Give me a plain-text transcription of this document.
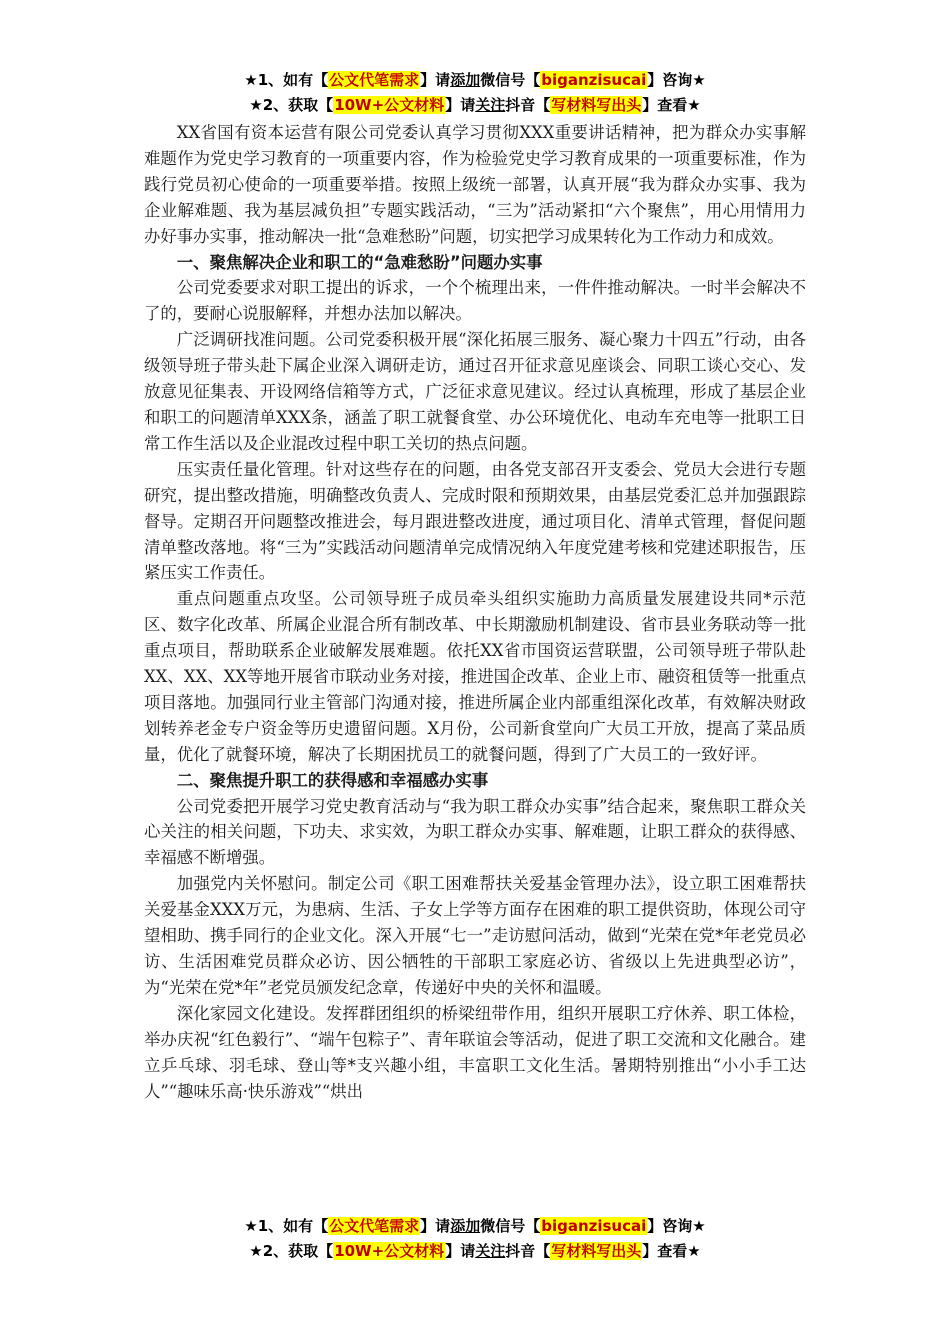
★1、如有【公文代笔需求】请添加微信号【biganzisucai】咨询★
★2、获取【10W+公文材料】请关注抖音【写材料写出头】查看★

XX省国有资本运营有限公司党委认真学习贯彻XXX重要讲话精神，把为群众办实事解难题作为党史学习教育的一项重要内容，作为检验党史学习教育成果的一项重要标准，作为践行党员初心使命的一项重要举措。按照上级统一部署，认真开展“我为群众办实事、我为企业解难题、我为基层减负担”专题实践活动，“三为”活动紧扣“六个聚焦”，用心用情用力办好事办实事，推动解决一批“急难愁盼”问题，切实把学习成果转化为工作动力和成效。

一、聚焦解决企业和职工的“急难愁盼”问题办实事

公司党委要求对职工提出的诉求，一个个梳理出来，一件件推动解决。一时半会解决不了的，要耐心说服解释，并想办法加以解决。

广泛调研找准问题。公司党委积极开展“深化拓展三服务、凝心聚力十四五”行动，由各级领导班子带头赴下属企业深入调研走访，通过召开征求意见座谈会、同职工谈心交心、发放意见征集表、开设网络信箱等方式，广泛征求意见建议。经过认真梳理，形成了基层企业和职工的问题清单XXX条，涵盖了职工就餐食堂、办公环境优化、电动车充电等一批职工日常工作生活以及企业混改过程中职工关切的热点问题。

压实责任量化管理。针对这些存在的问题，由各党支部召开支委会、党员大会进行专题研究，提出整改措施，明确整改负责人、完成时限和预期效果，由基层党委汇总并加强跟踪督导。定期召开问题整改推进会，每月跟进整改进度，通过项目化、清单式管理，督促问题清单整改落地。将“三为”实践活动问题清单完成情况纳入年度党建考核和党建述职报告，压紧压实工作责任。

重点问题重点攻坚。公司领导班子成员牵头组织实施助力高质量发展建设共同*示范区、数字化改革、所属企业混合所有制改革、中长期激励机制建设、省市县业务联动等一批重点项目，帮助联系企业破解发展难题。依托XX省市国资运营联盟，公司领导班子带队赴XX、XX、XX等地开展省市联动业务对接，推进国企改革、企业上市、融资租赁等一批重点项目落地。加强同行业主管部门沟通对接，推进所属企业内部重组深化改革，有效解决财政划转养老金专户资金等历史遗留问题。X月份，公司新食堂向广大员工开放，提高了菜品质量，优化了就餐环境，解决了长期困扰员工的就餐问题，得到了广大员工的一致好评。

二、聚焦提升职工的获得感和幸福感办实事

公司党委把开展学习党史教育活动与“我为职工群众办实事”结合起来，聚焦职工群众关心关注的相关问题，下功夫、求实效，为职工群众办实事、解难题，让职工群众的获得感、幸福感不断增强。

加强党内关怀慰问。制定公司《职工困难帮扶关爱基金管理办法》，设立职工困难帮扶关爱基金XXX万元，为患病、生活、子女上学等方面存在困难的职工提供资助，体现公司守望相助、携手同行的企业文化。深入开展“七一”走访慰问活动，做到“光荣在党*年老党员必访、生活困难党员群众必访、因公牺牲的干部职工家庭必访、省级以上先进典型必访”，为“光荣在党*年”老党员颁发纪念章，传递好中央的关怀和温暖。

深化家园文化建设。发挥群团组织的桥梁纽带作用，组织开展职工疗休养、职工体检，举办庆祝“红色毅行”、“端午包粽子”、青年联谊会等活动，促进了职工交流和文化融合。建立乒乓球、羽毛球、登山等*支兴趣小组，丰富职工文化生活。暑期特别推出“小小手工达人”“趣味乐高·快乐游戏”“烘出

★1、如有【公文代笔需求】请添加微信号【biganzisucai】咨询★
★2、获取【10W+公文材料】请关注抖音【写材料写出头】查看★
